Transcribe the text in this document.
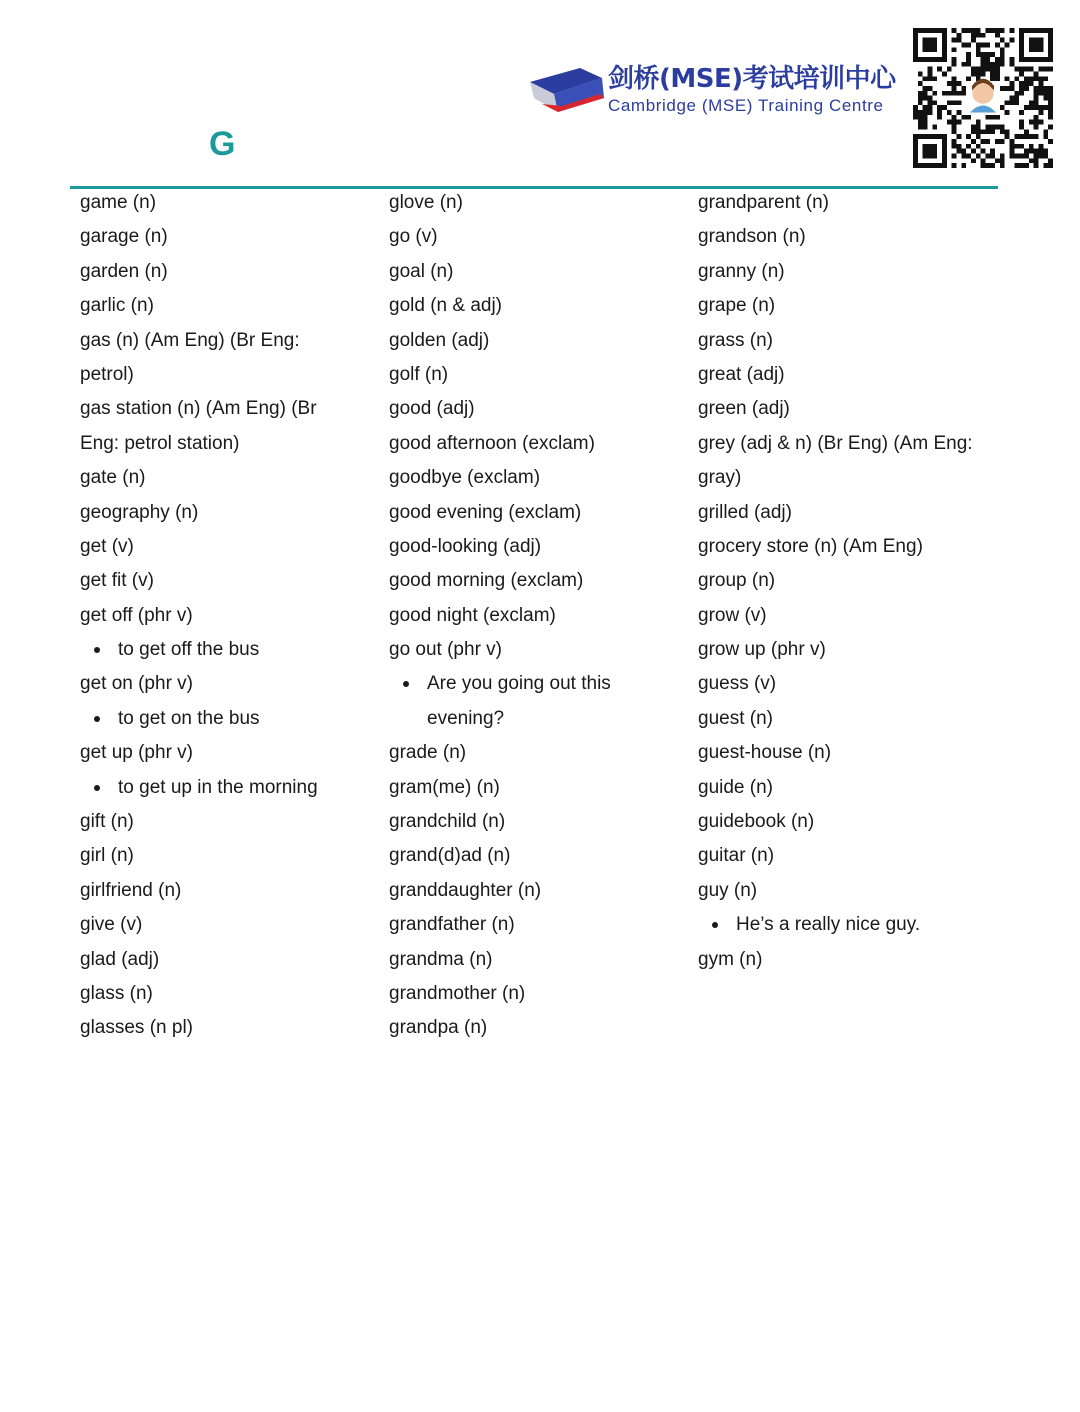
G
剑桥(MSE)考试培训中心
Cambridge (MSE) Training Centre
game (n)
garage (n)
garden (n)
garlic (n)
gas (n) (Am Eng) (Br Eng:
petrol)
gas station (n) (Am Eng) (Br
Eng: petrol station)
gate (n)
geography (n)
get (v)
get fit (v)
get off (phr v)
to get off the bus
get on (phr v)
to get on the bus
get up (phr v)
to get up in the morning
gift (n)
girl (n)
girlfriend (n)
give (v)
glad (adj)
glass (n)
glasses (n pl)
glove (n)
go (v)
goal (n)
gold (n & adj)
golden (adj)
golf (n)
good (adj)
good afternoon (exclam)
goodbye (exclam)
good evening (exclam)
good-looking (adj)
good morning (exclam)
good night (exclam)
go out (phr v)
Are you going out this
evening?
grade (n)
gram(me) (n)
grandchild (n)
grand(d)ad (n)
granddaughter (n)
grandfather (n)
grandma (n)
grandmother (n)
grandpa (n)
grandparent (n)
grandson (n)
granny (n)
grape (n)
grass (n)
great (adj)
green (adj)
grey (adj & n) (Br Eng) (Am Eng:
gray)
grilled (adj)
grocery store (n) (Am Eng)
group (n)
grow (v)
grow up (phr v)
guess (v)
guest (n)
guest-house (n)
guide (n)
guidebook (n)
guitar (n)
guy (n)
He’s a really nice guy.
gym (n)
